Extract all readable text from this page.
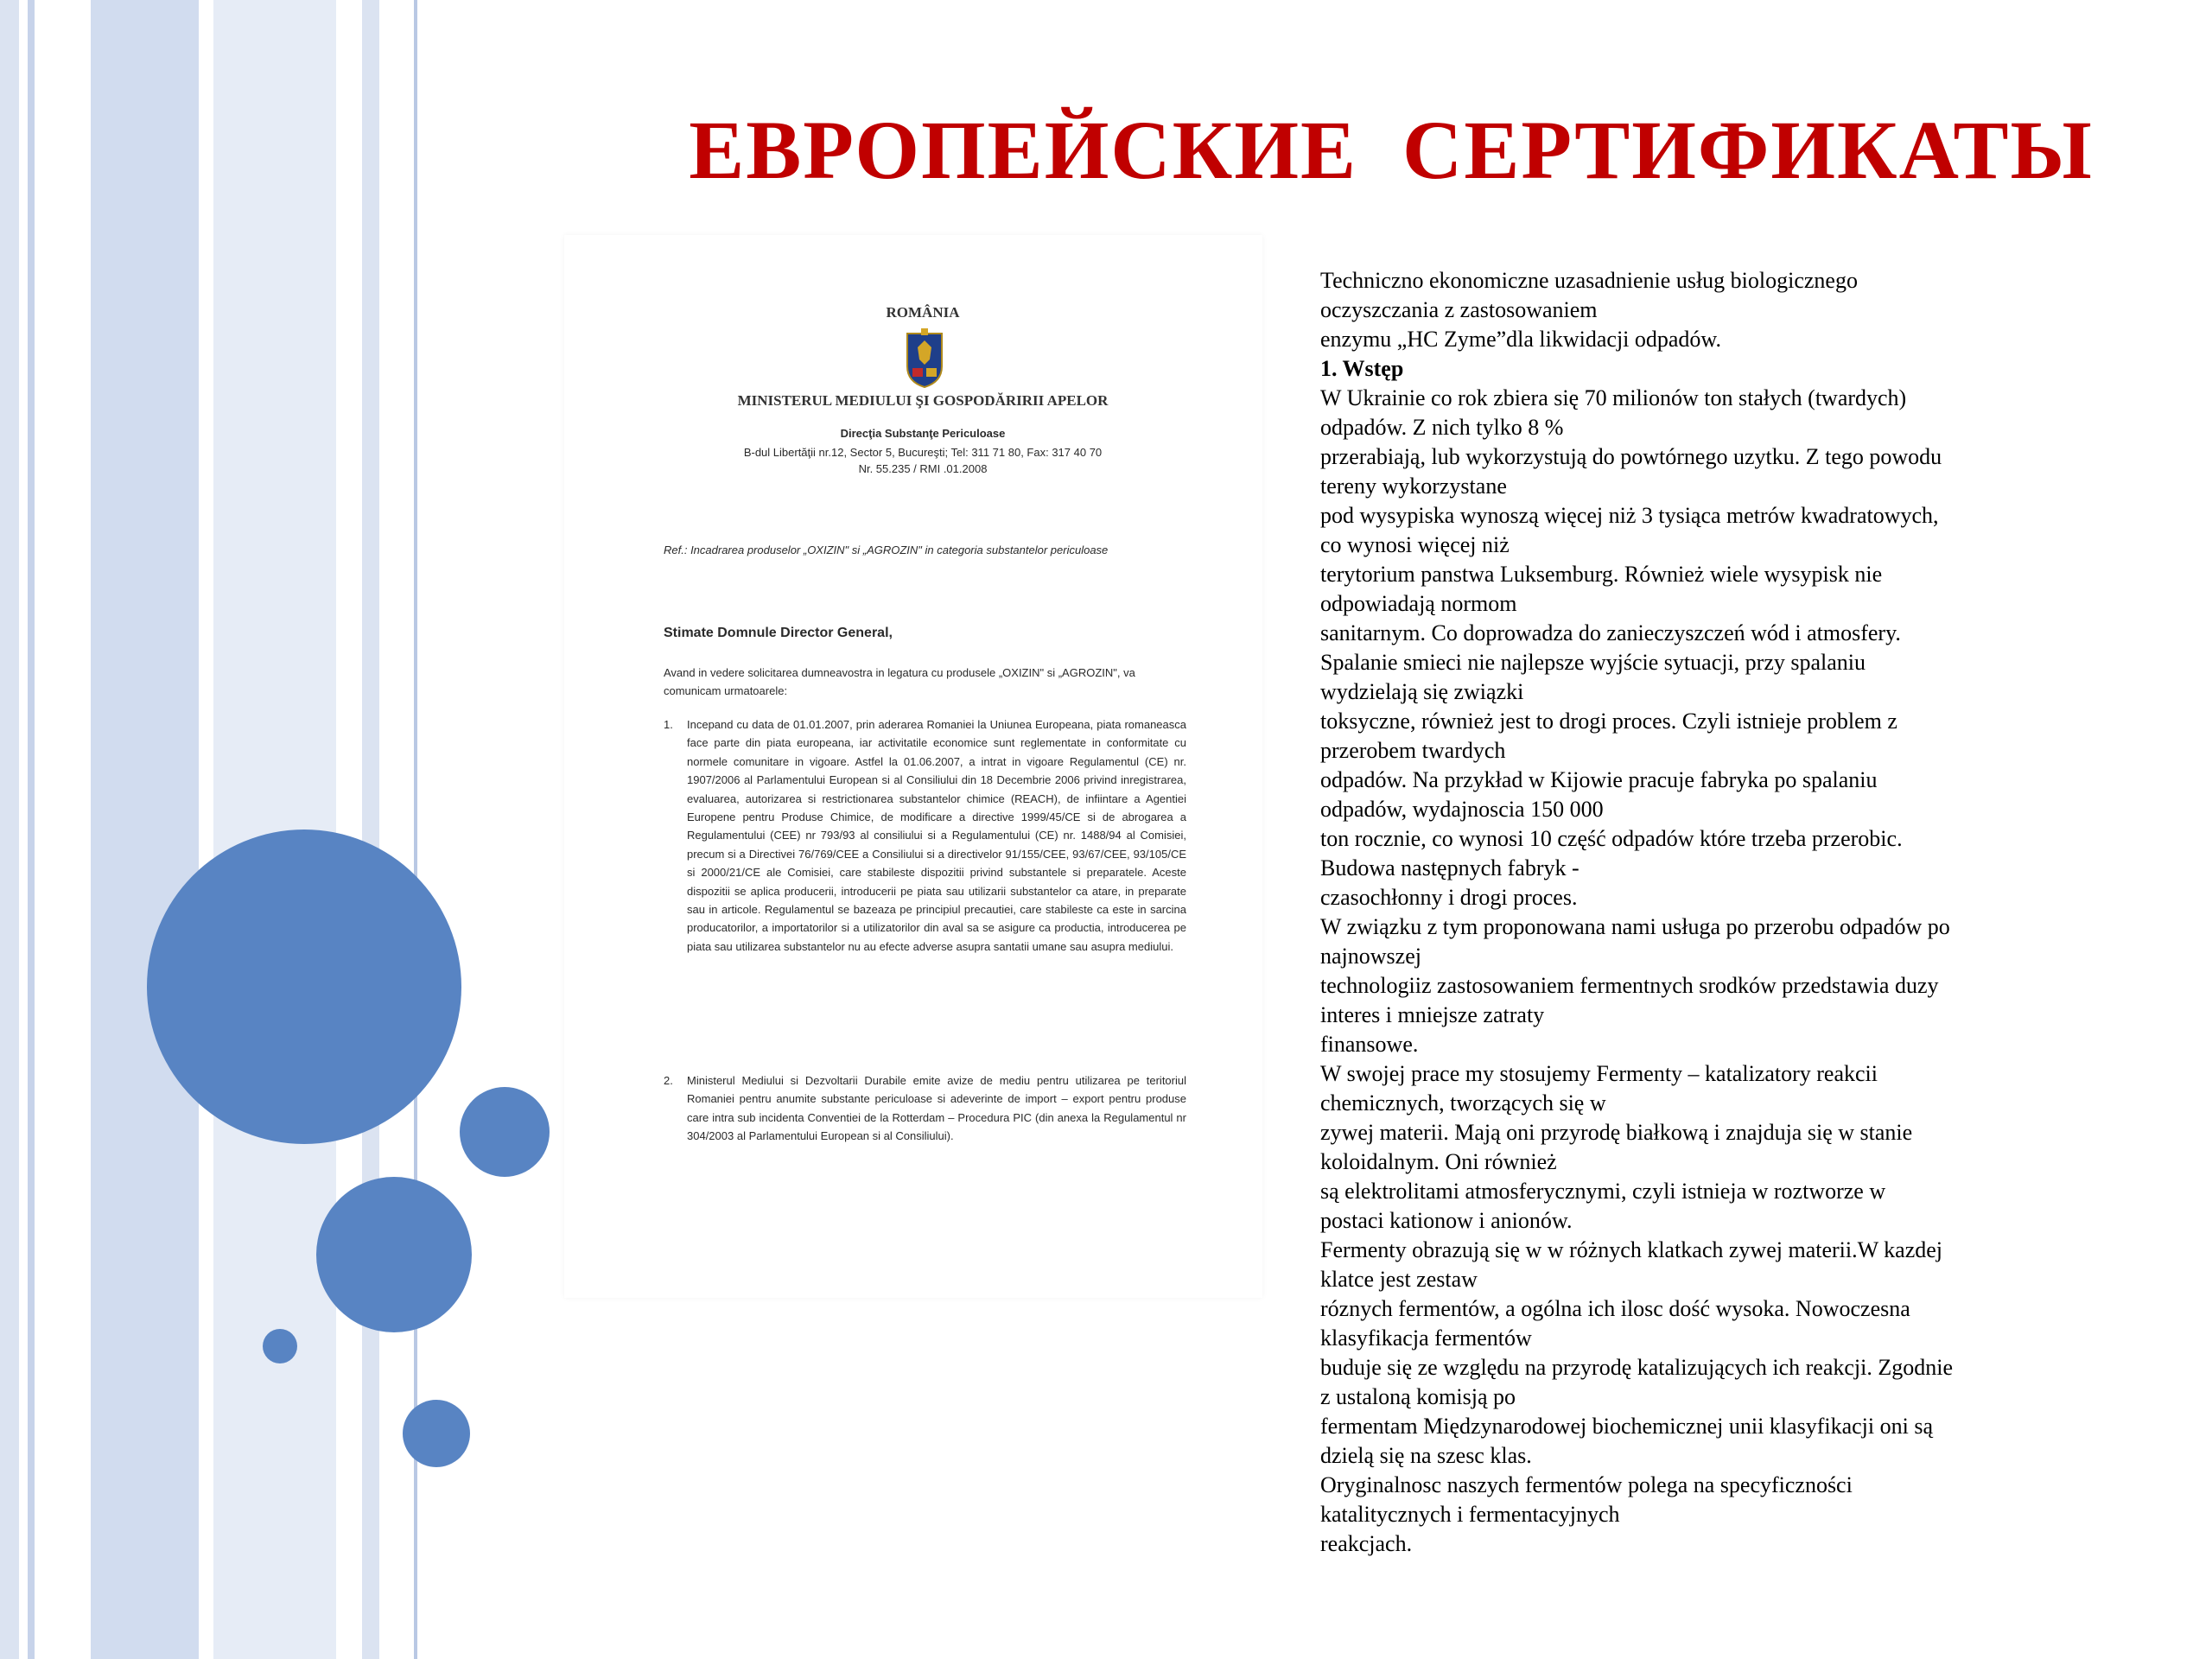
ЕВРОПЕЙСКИЕ  СЕРТИФИКАТЫ
ROMÂNIA
MINISTERUL MEDIULUI ŞI GOSPODĂRIRII APELOR
Direcţia Substanţe Periculoase
B-dul Libertăţii nr.12, Sector 5, Bucureşti; Tel: 311 71 80, Fax: 317 40 70
Nr. 55.235 / RMI .01.2008
Ref.: Incadrarea produselor „OXIZIN" si „AGROZIN" in categoria substantelor periculoase
Stimate Domnule Director General,
Avand in vedere solicitarea dumneavostra in legatura cu produsele „OXIZIN" si „AGROZIN", va comunicam urmatoarele:
1. Incepand cu data de 01.01.2007, prin aderarea Romaniei la Uniunea Europeana, piata romaneasca face parte din piata europeana, iar activitatile economice sunt reglementate in conformitate cu normele comunitare in vigoare. Astfel la 01.06.2007, a intrat in vigoare Regulamentul (CE) nr. 1907/2006 al Parlamentului European si al Consiliului din 18 Decembrie 2006 privind inregistrarea, evaluarea, autorizarea si restrictionarea substantelor chimice (REACH), de infiintare a Agentiei Europene pentru Produse Chimice, de modificare a directive 1999/45/CE si de abrogarea a Regulamentului (CEE) nr 793/93 al consiliului si a Regulamentului (CE) nr. 1488/94 al Comisiei, precum si a Directivei 76/769/CEE a Consiliului si a directivelor 91/155/CEE, 93/67/CEE, 93/105/CE si 2000/21/CE ale Comisiei, care stabileste dispozitii privind substantele si preparatele. Aceste dispozitii se aplica producerii, introducerii pe piata sau utilizarii substantelor ca atare, in preparate sau in articole. Regulamentul se bazeaza pe principiul precautiei, care stabileste ca este in sarcina producatorilor, a importatorilor si a utilizatorilor din aval sa se asigure ca productia, introducerea pe piata sau utilizarea substantelor nu au efecte adverse asupra santatii umane sau asupra mediului.
2. Ministerul Mediului si Dezvoltarii Durabile emite avize de mediu pentru utilizarea pe teritoriul Romaniei pentru anumite substante periculoase si adeverinte de import – export pentru produse care intra sub incidenta Conventiei de la Rotterdam – Procedura PIC (din anexa la Regulamentul nr 304/2003 al Parlamentului European si al Consiliului).
Techniczno ekonomiczne uzasadnienie usług biologicznego
oczyszczania z zastosowaniem
enzymu „HC Zyme”dla likwidacji odpadów.
1. Wstęp
W Ukrainie co rok zbiera się 70 milionów ton stałych (twardych)
odpadów. Z nich tylko 8 %
przerabiają, lub wykorzystują do powtórnego uzytku. Z tego powodu
tereny wykorzystane
pod wysypiska wynoszą więcej niż 3 tysiąca metrów kwadratowych,
co wynosi więcej niż
terytorium panstwa Luksemburg. Również wiele wysypisk nie
odpowiadają normom
sanitarnym. Co doprowadza do zanieczyszczeń wód i atmosfery.
Spalanie smieci nie najlepsze wyjście sytuacji, przy spalaniu
wydzielają się związki
toksyczne, również jest to drogi proces. Czyli istnieje problem z
przerobem twardych
odpadów. Na przykład w Kijowie pracuje fabryka po spalaniu
odpadów, wydajnoscia 150 000
ton rocznie, co wynosi 10 część odpadów które trzeba przerobic.
Budowa następnych fabryk -
czasochłonny i drogi proces.
W związku z tym proponowana nami usługa po przerobu odpadów po
najnowszej
technologiiz zastosowaniem fermentnych srodków przedstawia duzy
interes i mniejsze zatraty
finansowe.
W swojej prace my stosujemy Fermenty – katalizatory reakcii
chemicznych, tworzących się w
zywej materii. Mają oni przyrodę białkową i znajduja się w stanie
koloidalnym. Oni również
są elektrolitami atmosferycznymi, czyli istnieja w roztworze w
postaci kationow i anionów.
Fermenty obrazują się w w różnych klatkach zywej materii.W kazdej
klatce jest zestaw
róznych fermentów, a ogólna ich ilosc dość wysoka. Nowoczesna
klasyfikacja fermentów
buduje się ze względu na przyrodę katalizujących ich reakcji. Zgodnie
z ustaloną komisją po
fermentam Międzynarodowej biochemicznej unii klasyfikacji oni są
dzielą się na szesc klas.
Oryginalnosc naszych fermentów polega na specyficzności
katalitycznych i fermentacyjnych
reakcjach.
